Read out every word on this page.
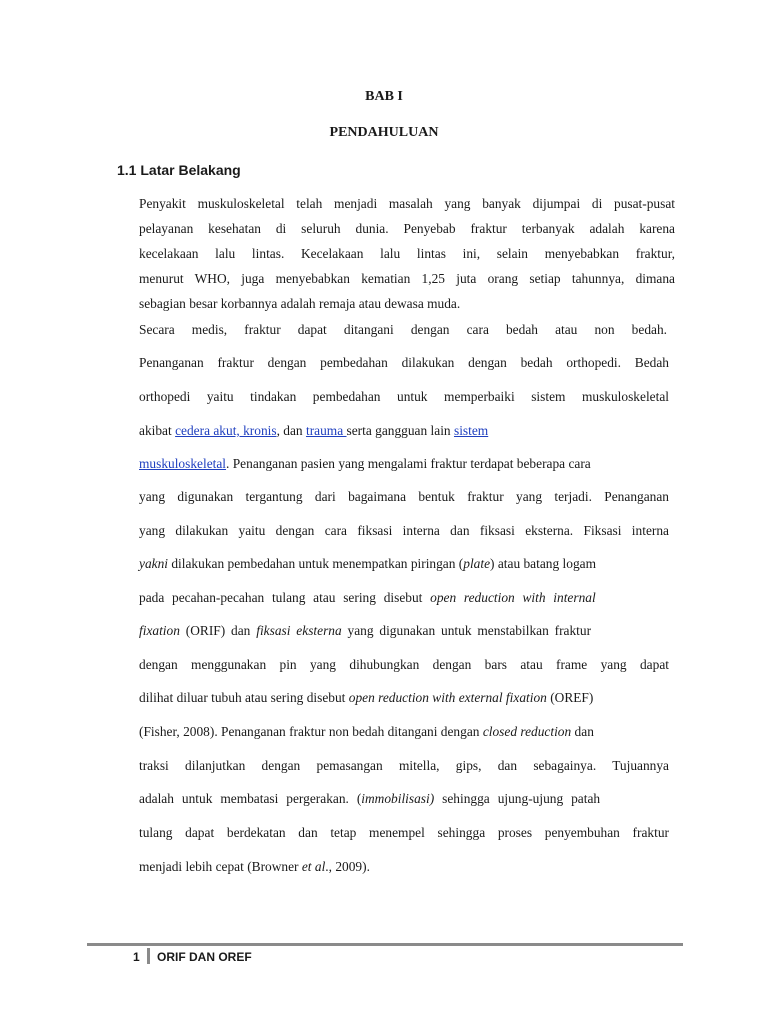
BAB I
PENDAHULUAN
1.1 Latar Belakang
Penyakit muskuloskeletal telah menjadi masalah yang banyak dijumpai di pusat-pusat
pelayanan kesehatan di seluruh dunia. Penyebab fraktur terbanyak adalah karena
kecelakaan lalu lintas. Kecelakaan lalu lintas ini, selain menyebabkan fraktur,
menurut WHO, juga menyebabkan kematian 1,25 juta orang setiap tahunnya, dimana
sebagian besar korbannya adalah remaja atau dewasa muda.
Secara medis, fraktur dapat ditangani dengan cara bedah atau non bedah.
Penanganan fraktur dengan pembedahan dilakukan dengan bedah orthopedi. Bedah
orthopedi yaitu tindakan pembedahan untuk memperbaiki sistem muskuloskeletal
akibat cedera akut, kronis, dan trauma serta gangguan lain sistem
muskuloskeletal. Penanganan pasien yang mengalami fraktur terdapat beberapa cara
yang digunakan tergantung dari bagaimana bentuk fraktur yang terjadi. Penanganan
yang dilakukan yaitu dengan cara fiksasi interna dan fiksasi eksterna. Fiksasi interna
yakni dilakukan pembedahan untuk menempatkan piringan (plate) atau batang logam
pada pecahan-pecahan tulang atau sering disebut open reduction with internal
fixation (ORIF) dan fiksasi eksterna yang digunakan untuk menstabilkan fraktur
dengan menggunakan pin yang dihubungkan dengan bars atau frame yang dapat
dilihat diluar tubuh atau sering disebut open reduction with external fixation (OREF)
(Fisher, 2008). Penanganan fraktur non bedah ditangani dengan closed reduction dan
traksi dilanjutkan dengan pemasangan mitella, gips, dan sebagainya. Tujuannya
adalah untuk membatasi pergerakan. (immobilisasi) sehingga ujung-ujung patah
tulang dapat berdekatan dan tetap menempel sehingga proses penyembuhan fraktur
menjadi lebih cepat (Browner et al., 2009).
1 ORIF DAN OREF
